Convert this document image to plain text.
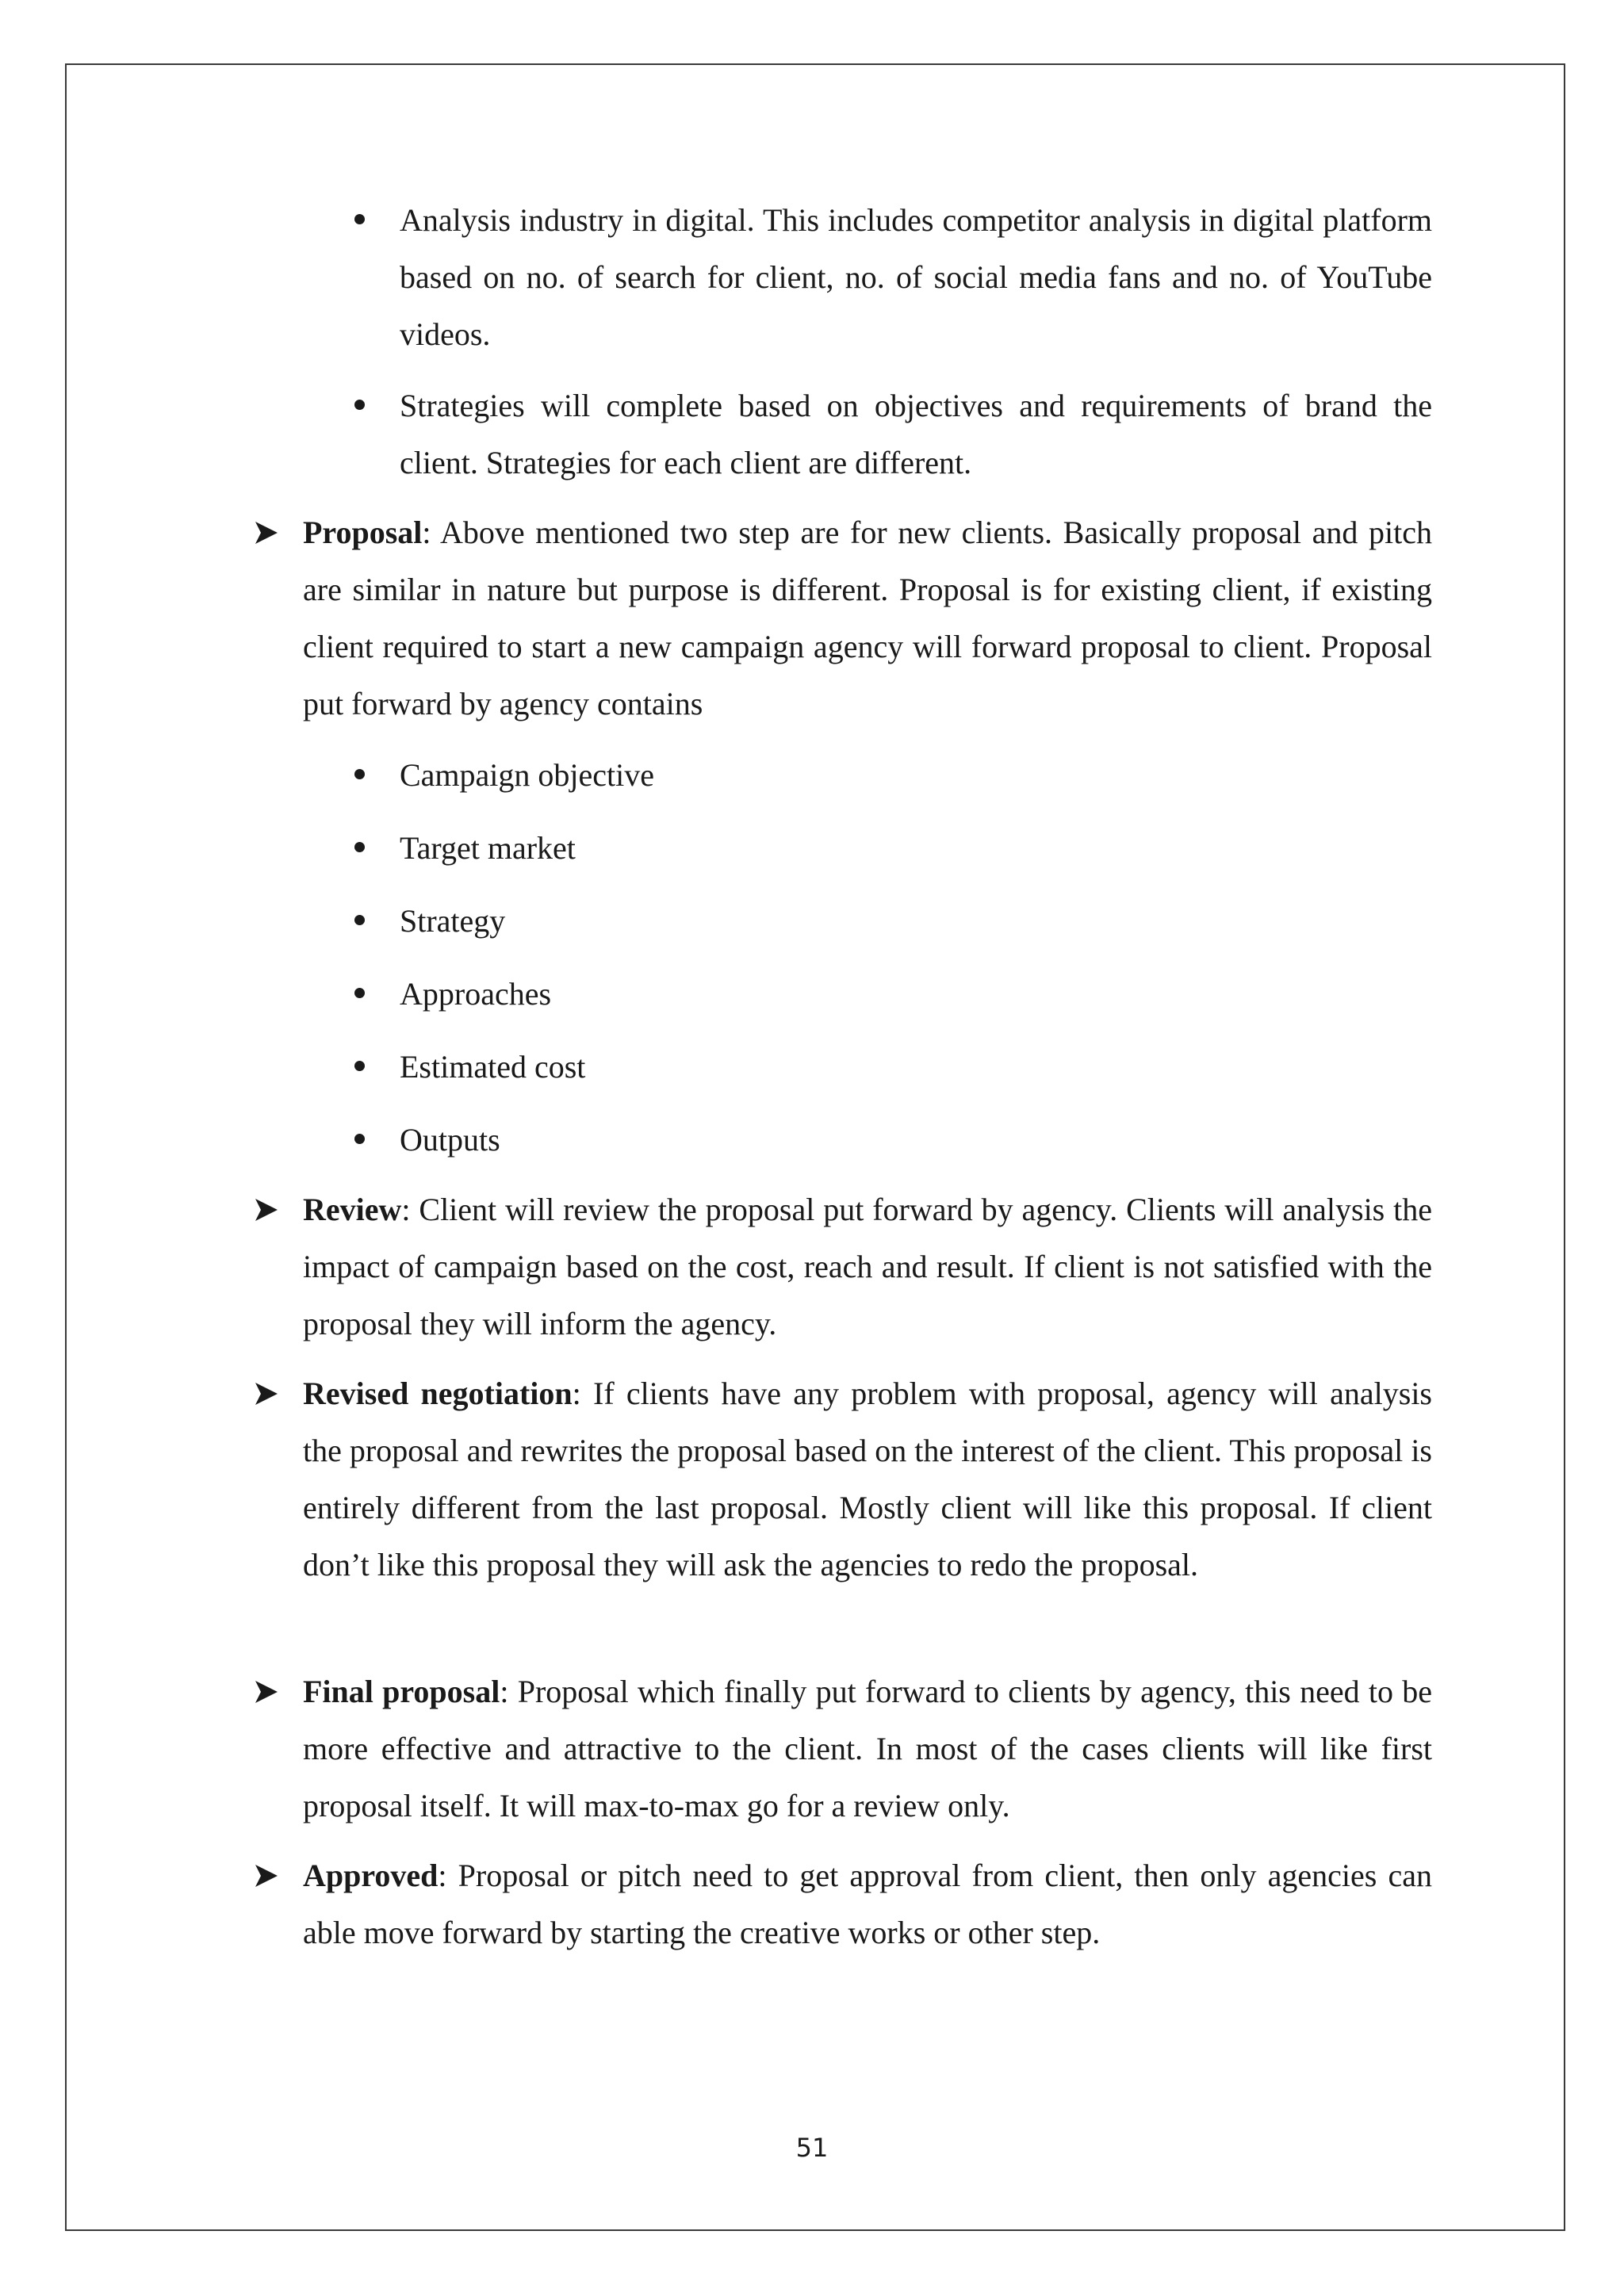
Analysis industry in digital. This includes competitor analysis in digital platform based on no. of search for client, no. of social media fans and no. of YouTube videos.
Strategies will complete based on objectives and requirements of brand the client. Strategies for each client are different.
Proposal: Above mentioned two step are for new clients. Basically proposal and pitch are similar in nature but purpose is different. Proposal is for existing client, if existing client required to start a new campaign agency will forward proposal to client. Proposal put forward by agency contains
Campaign objective
Target market
Strategy
Approaches
Estimated cost
Outputs
Review: Client will review the proposal put forward by agency. Clients will analysis the impact of campaign based on the cost, reach and result. If client is not satisfied with the proposal they will inform the agency.
Revised negotiation: If clients have any problem with proposal, agency will analysis the proposal and rewrites the proposal based on the interest of the client. This proposal is entirely different from the last proposal. Mostly client will like this proposal. If client don’t like this proposal they will ask the agencies to redo the proposal.
Final proposal: Proposal which finally put forward to clients by agency, this need to be more effective and attractive to the client. In most of the cases clients will like first proposal itself. It will max-to-max go for a review only.
Approved: Proposal or pitch need to get approval from client, then only agencies can able move forward by starting the creative works or other step.
51
